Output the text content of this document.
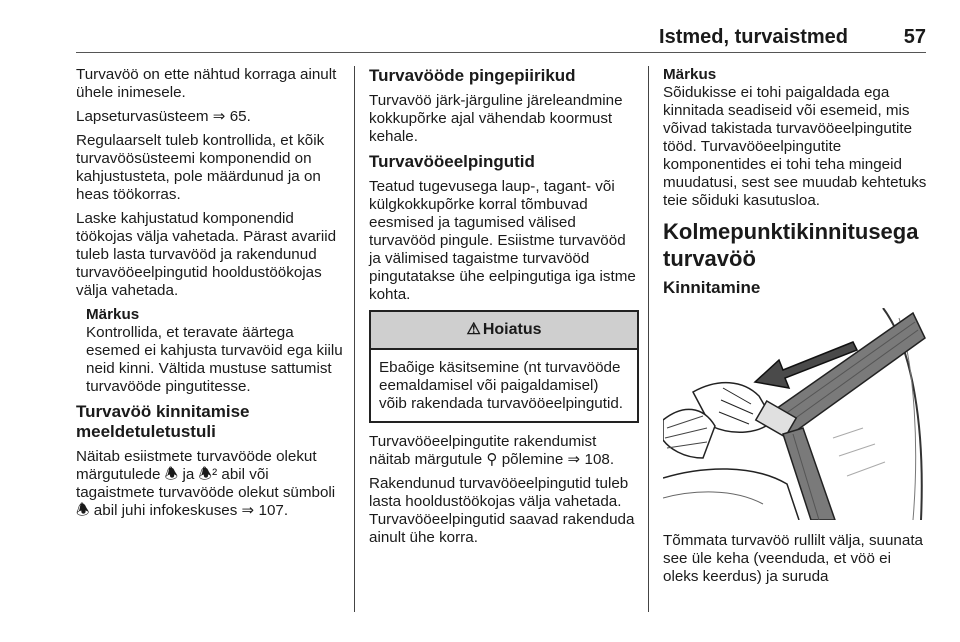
Istmed, turvaistmed	57

Turvavöö on ette nähtud korraga ainult ühele inimesele.

Lapseturvasüsteem ⇒ 65.

Regulaarselt tuleb kontrollida, et kõik turvavöösüsteemi komponendid on kahjustusteta, pole määrdunud ja on heas töökorras.

Laske kahjustatud komponendid töökojas välja vahetada. Pärast avariid tuleb lasta turvavööd ja rakendunud turvavööeelpingutid hooldustöökojas välja vahetada.

Märkus
Kontrollida, et teravate äärtega esemed ei kahjusta turvavöid ega kiilu neid kinni. Vältida mustuse sattumist turvavööde pingutitesse.
Turvavöö kinnitamise meeldetuletustuli

Näitab esiistmete turvavööde olekut märgutulede 🕭 ja 🕭² abil või tagaistmete turvavööde olekut sümboli 🕭 abil juhi infokeskuses ⇒ 107.

Turvavööde pingepiirikud

Turvavöö järk-järguline järeleandmine kokkupõrke ajal vähendab koormust kehale.

Turvavööeelpingutid

Teatud tugevusega laup-, tagant- või külgkokkupõrke korral tõmbuvad eesmised ja tagumised välised turvavööd pingule. Esiistme turvavööd ja välimised tagaistme turvavööd pingutatakse ühe eelpingutiga iga istme kohta.

⚠ Hoiatus
Ebaõige käsitsemine (nt turvavööde eemaldamisel või paigaldamisel) võib rakendada turvavööeelpingutid.

Turvavööeelpingutite rakendumist näitab märgutule ⚲ põlemine ⇒ 108.

Rakendunud turvavööeelpingutid tuleb lasta hooldustöökojas välja vahetada. Turvavööeelpingutid saavad rakenduda ainult ühe korra.

Märkus
Sõidukisse ei tohi paigaldada ega kinnitada seadiseid või esemeid, mis võivad takistada turvavööeelpingutite tööd. Turvavööeelpingutite komponentides ei tohi teha mingeid muudatusi, sest see muudab kehtetuks teie sõiduki kasutusloa.
Kolmepunktikinnitusega turvavöö
Kinnitamine

Tõmmata turvavöö rullilt välja, suunata see üle keha (veenduda, et vöö ei oleks keerdus) ja suruda
